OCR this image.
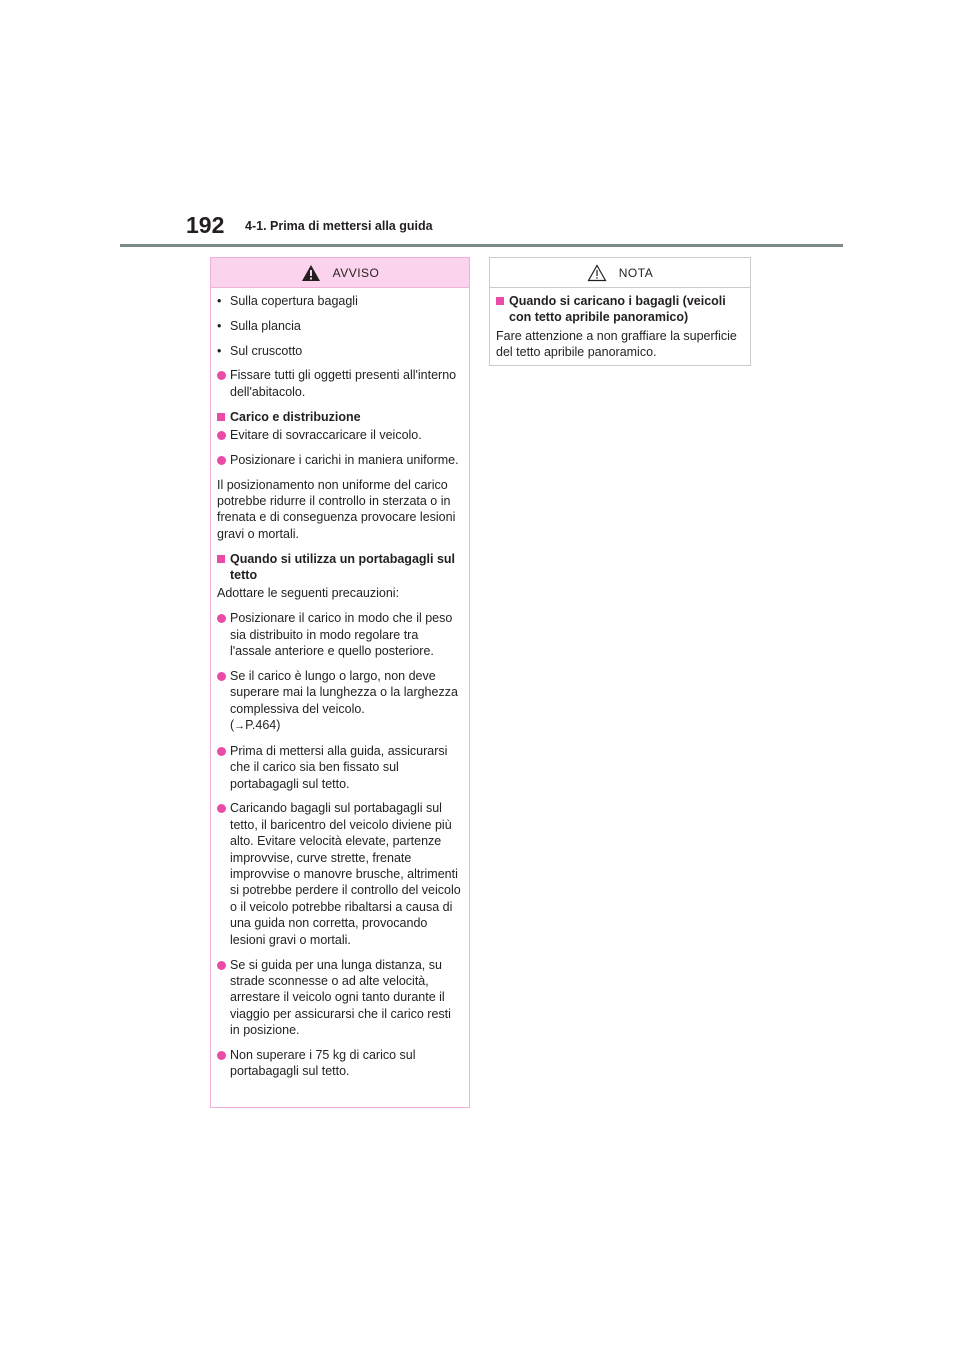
192 4-1. Prima di mettersi alla guida
AVVISO
• Sulla copertura bagagli
• Sulla plancia
• Sul cruscotto
Fissare tutti gli oggetti presenti all'interno dell'abitacolo.
Carico e distribuzione
Evitare di sovraccaricare il veicolo.
Posizionare i carichi in maniera uniforme.

Il posizionamento non uniforme del carico potrebbe ridurre il controllo in sterzata o in frenata e di conseguenza provocare lesioni gravi o mortali.

Quando si utilizza un portabagagli sul tetto

Adottare le seguenti precauzioni:

Posizionare il carico in modo che il peso sia distribuito in modo regolare tra l'assale anteriore e quello posteriore.
Se il carico è lungo o largo, non deve superare mai la lunghezza o la larghezza complessiva del veicolo.
(→P.464)
Prima di mettersi alla guida, assicurarsi che il carico sia ben fissato sul portabagagli sul tetto.
Caricando bagagli sul portabagagli sul tetto, il baricentro del veicolo diviene più alto. Evitare velocità elevate, partenze improvvise, curve strette, frenate improvvise o manovre brusche, altrimenti si potrebbe perdere il controllo del veicolo o il veicolo potrebbe ribaltarsi a causa di una guida non corretta, provocando lesioni gravi o mortali.
Se si guida per una lunga distanza, su strade sconnesse o ad alte velocità, arrestare il veicolo ogni tanto durante il viaggio per assicurarsi che il carico resti in posizione.
Non superare i 75 kg di carico sul portabagagli sul tetto.
NOTA
Quando si caricano i bagagli (veicoli con tetto apribile panoramico)

Fare attenzione a non graffiare la superficie del tetto apribile panoramico.
